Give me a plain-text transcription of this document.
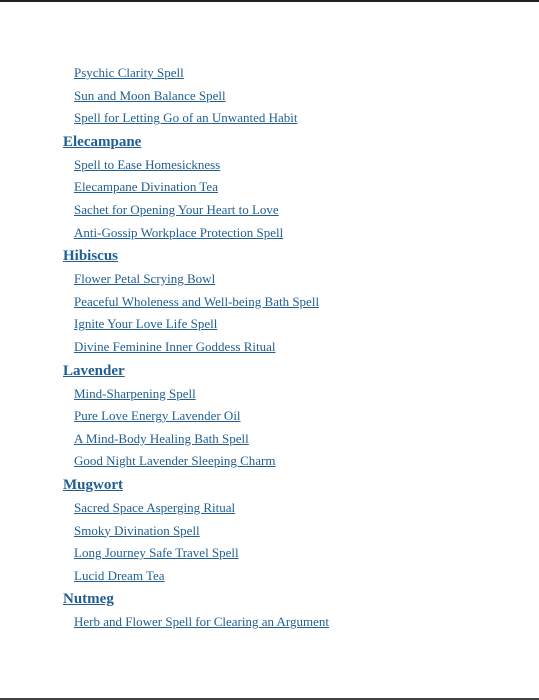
Psychic Clarity Spell
Sun and Moon Balance Spell
Spell for Letting Go of an Unwanted Habit
Elecampane
Spell to Ease Homesickness
Elecampane Divination Tea
Sachet for Opening Your Heart to Love
Anti-Gossip Workplace Protection Spell
Hibiscus
Flower Petal Scrying Bowl
Peaceful Wholeness and Well-being Bath Spell
Ignite Your Love Life Spell
Divine Feminine Inner Goddess Ritual
Lavender
Mind-Sharpening Spell
Pure Love Energy Lavender Oil
A Mind-Body Healing Bath Spell
Good Night Lavender Sleeping Charm
Mugwort
Sacred Space Asperging Ritual
Smoky Divination Spell
Long Journey Safe Travel Spell
Lucid Dream Tea
Nutmeg
Herb and Flower Spell for Clearing an Argument
